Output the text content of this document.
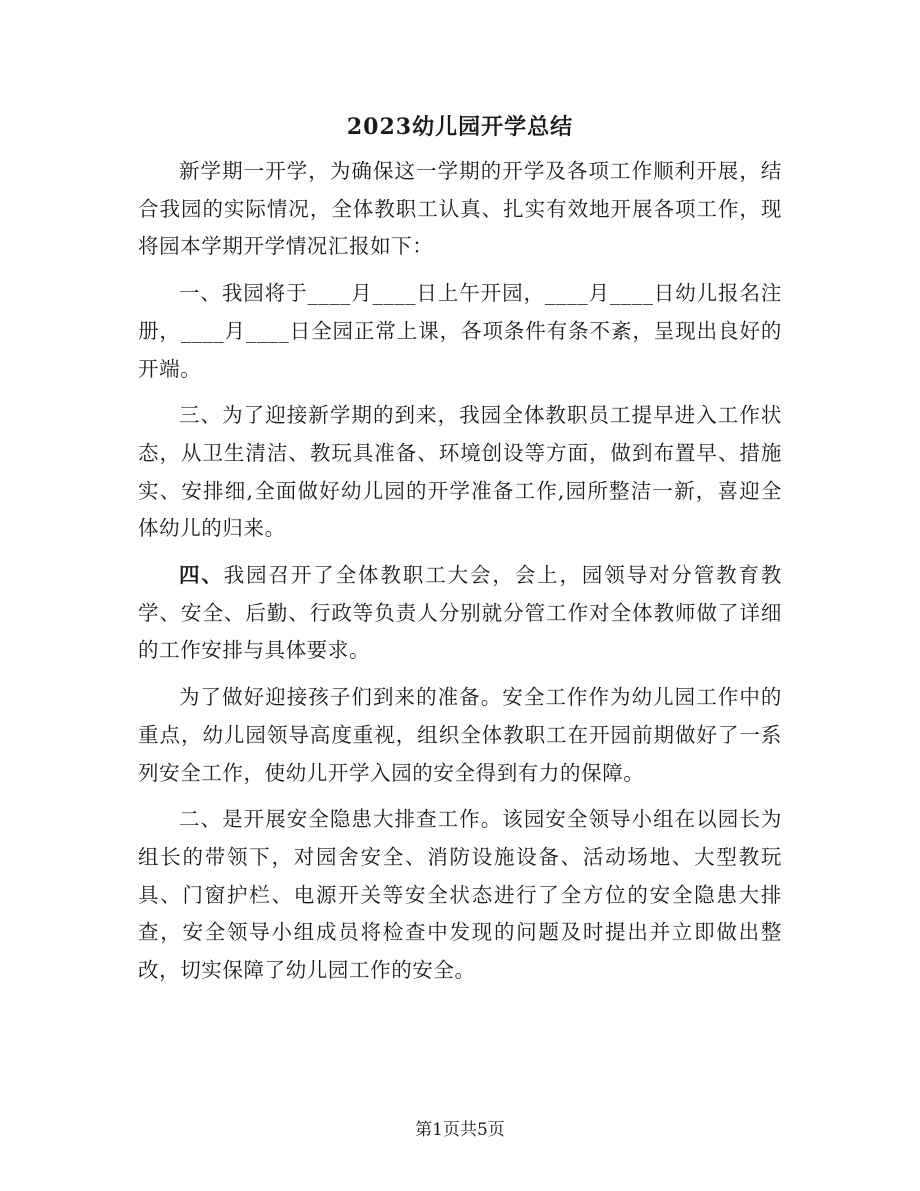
2023幼儿园开学总结

新学期一开学，为确保这一学期的开学及各项工作顺利开展，结合我园的实际情况，全体教职工认真、扎实有效地开展各项工作，现将园本学期开学情况汇报如下：

一、我园将于____月____日上午开园，____月____日幼儿报名注册，____月____日全园正常上课，各项条件有条不紊，呈现出良好的开端。

三、为了迎接新学期的到来，我园全体教职员工提早进入工作状态，从卫生清洁、教玩具准备、环境创设等方面，做到布置早、措施实、安排细,全面做好幼儿园的开学准备工作,园所整洁一新，喜迎全体幼儿的归来。

四、我园召开了全体教职工大会，会上，园领导对分管教育教学、安全、后勤、行政等负责人分别就分管工作对全体教师做了详细的工作安排与具体要求。

为了做好迎接孩子们到来的准备。安全工作作为幼儿园工作中的重点，幼儿园领导高度重视，组织全体教职工在开园前期做好了一系列安全工作，使幼儿开学入园的安全得到有力的保障。

二、是开展安全隐患大排查工作。该园安全领导小组在以园长为组长的带领下，对园舍安全、消防设施设备、活动场地、大型教玩具、门窗护栏、电源开关等安全状态进行了全方位的安全隐患大排查，安全领导小组成员将检查中发现的问题及时提出并立即做出整改，切实保障了幼儿园工作的安全。

第1页共5页
